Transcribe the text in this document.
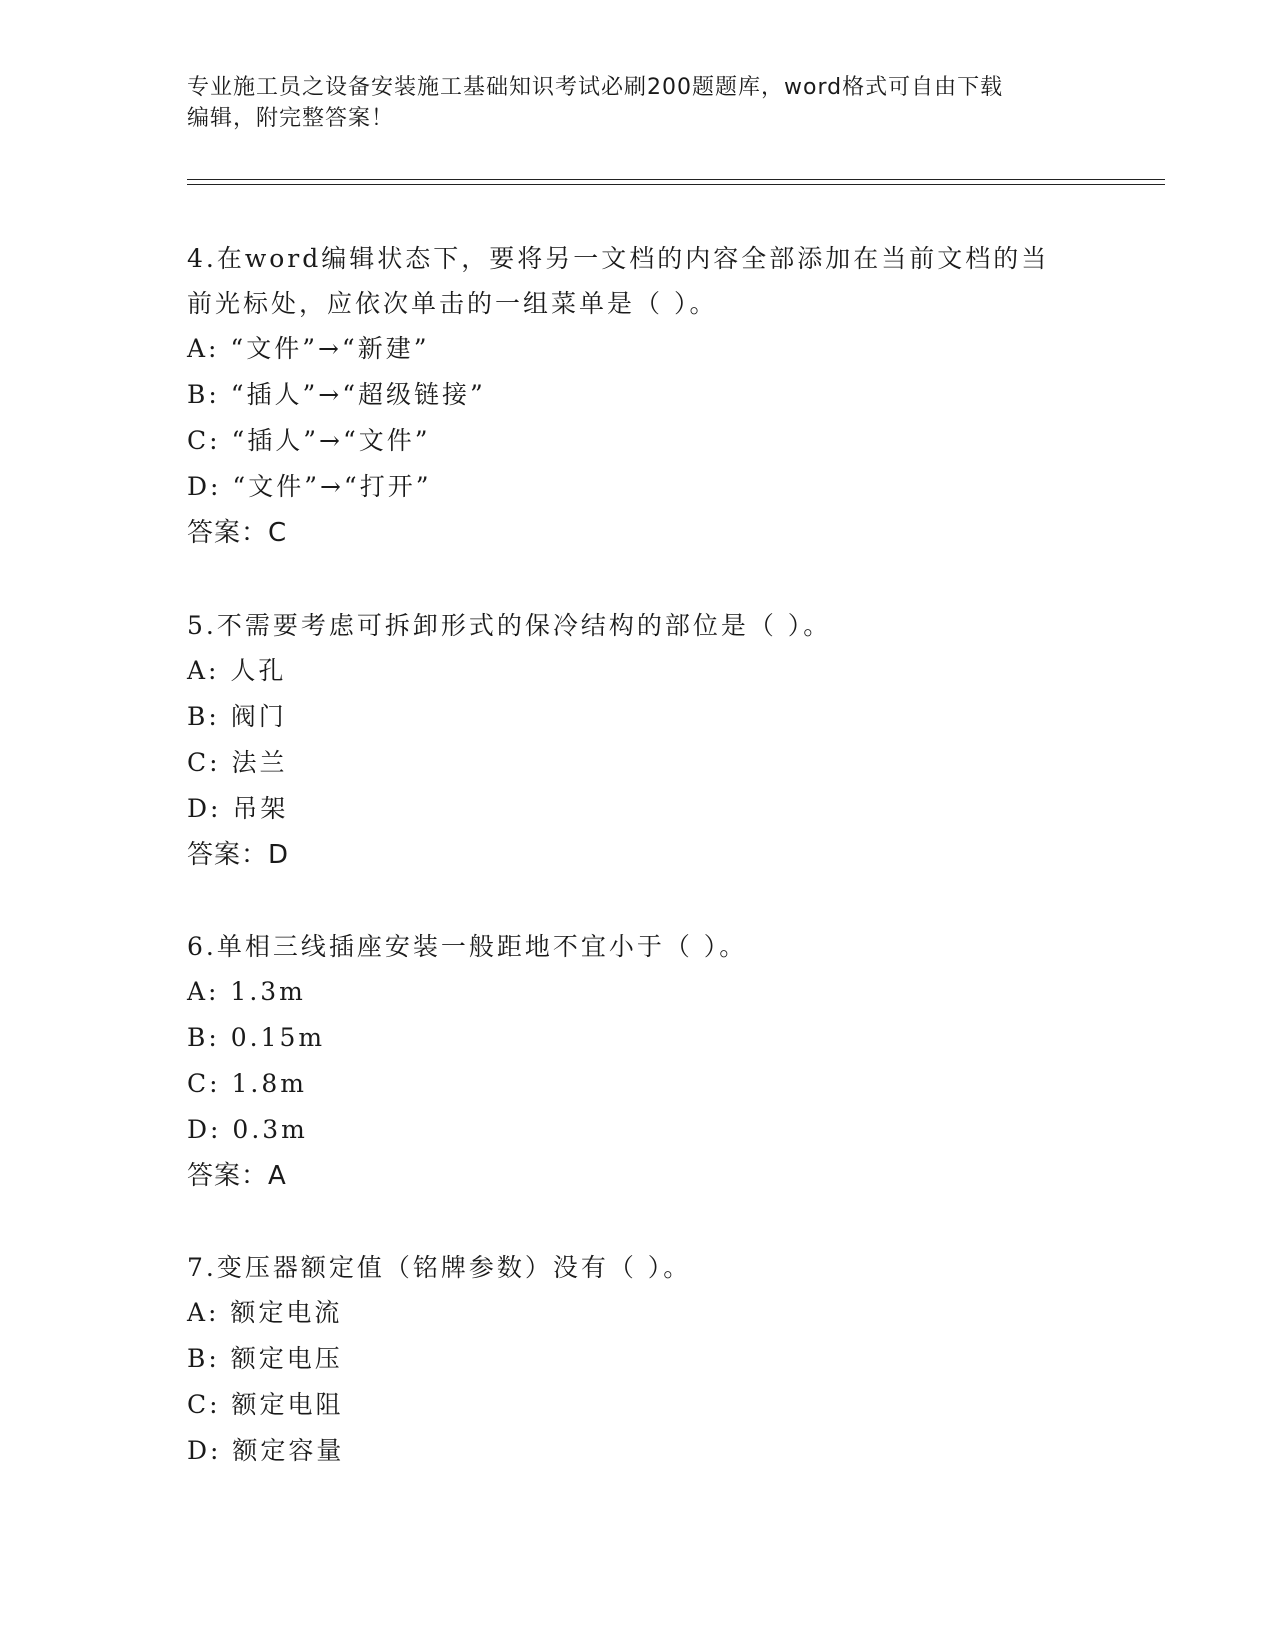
专业施工员之设备安装施工基础知识考试必刷200题题库，word格式可自由下载
编辑，附完整答案！

4.在word编辑状态下，要将另一文档的内容全部添加在当前文档的当

前光标处，应依次单击的一组菜单是（ ）。

A: “文件”→“新建”

B: “插人”→“超级链接”

C: “插人”→“文件”

D: “文件”→“打开”

答案：C

5.不需要考虑可拆卸形式的保冷结构的部位是（ ）。

A: 人孔

B: 阀门

C: 法兰

D: 吊架

答案：D

6.单相三线插座安装一般距地不宜小于（ ）。

A: 1.3m

B: 0.15m

C: 1.8m

D: 0.3m

答案：A

7.变压器额定值（铭牌参数）没有（ ）。

A: 额定电流

B: 额定电压

C: 额定电阻

D: 额定容量
